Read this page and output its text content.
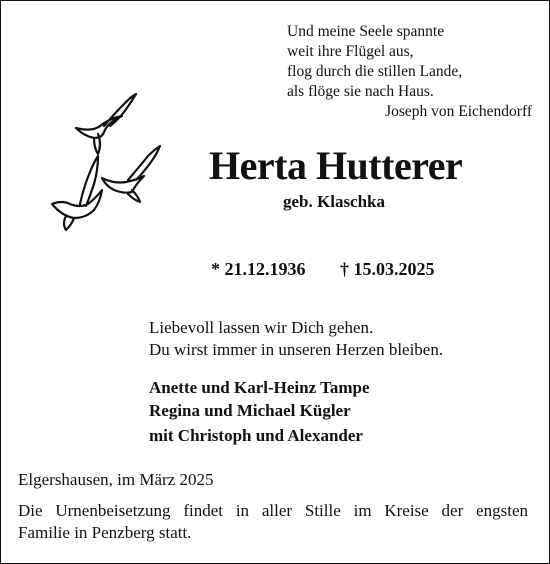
Und meine Seele spannte
weit ihre Flügel aus,
flog durch die stillen Lande,
als flöge sie nach Haus.
Joseph von Eichendorff
Herta Hutterer
geb. Klaschka
* 21.12.1936 † 15.03.2025
Liebevoll lassen wir Dich gehen.
Du wirst immer in unseren Herzen bleiben.
Anette und Karl-Heinz Tampe
Regina und Michael Kügler
mit Christoph und Alexander
Elgershausen, im März 2025
Die Urnenbeisetzung findet in aller Stille im Kreise der engsten
Familie in Penzberg statt.
